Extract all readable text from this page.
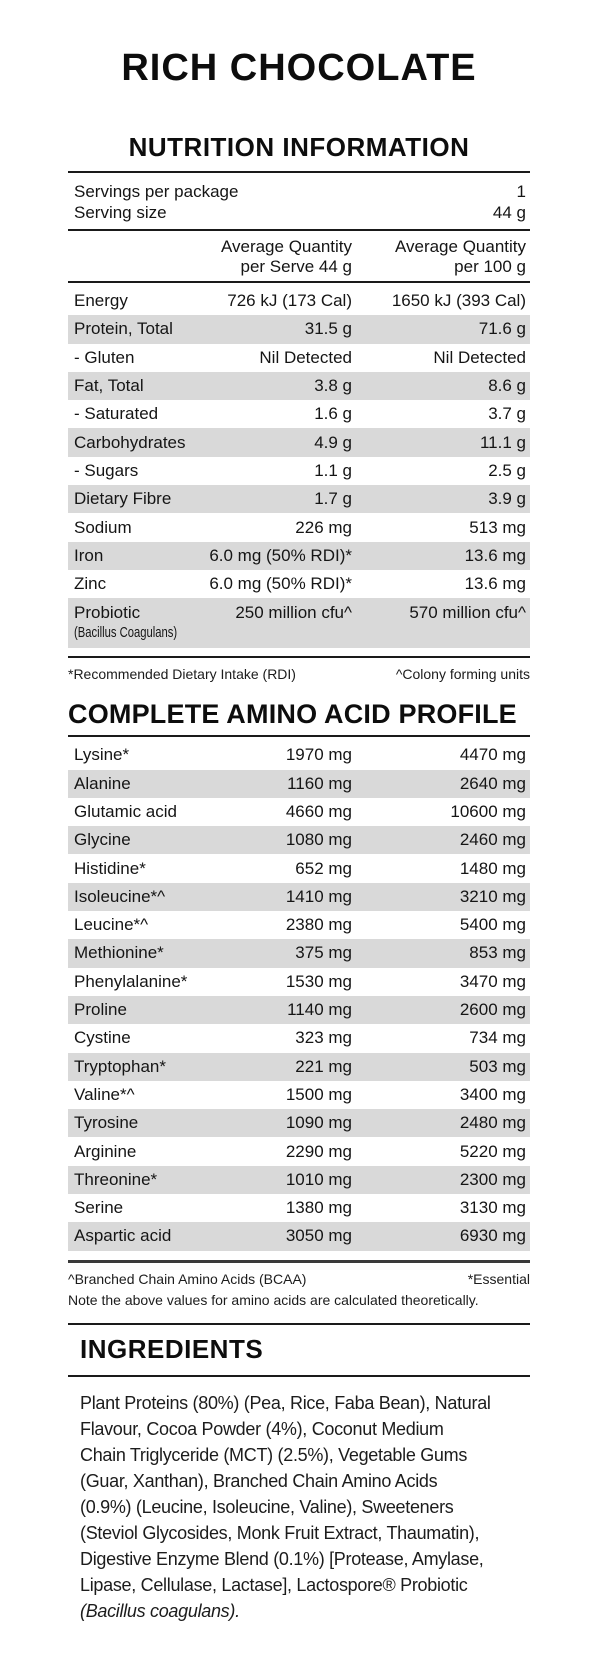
RICH CHOCOLATE
NUTRITION INFORMATION
Servings per package	1
Serving size	44 g
Average Quantity
per Serve 44 g
Average Quantity
per 100 g
Energy	726 kJ (173 Cal)	1650 kJ (393 Cal)
Protein, Total	31.5 g	71.6 g
- Gluten	Nil Detected	Nil Detected
Fat, Total	3.8 g	8.6 g
- Saturated	1.6 g	3.7 g
Carbohydrates	4.9 g	11.1 g
- Sugars	1.1 g	2.5 g
Dietary Fibre	1.7 g	3.9 g
Sodium	226 mg	513 mg
Iron	6.0 mg (50% RDI)*	13.6 mg
Zinc	6.0 mg (50% RDI)*	13.6 mg
Probiotic
(Bacillus Coagulans)
250 million cfu^	570 million cfu^
*Recommended Dietary Intake (RDI)	^Colony forming units
COMPLETE AMINO ACID PROFILE
Lysine*	1970 mg	4470 mg
Alanine	1160 mg	2640 mg
Glutamic acid	4660 mg	10600 mg
Glycine	1080 mg	2460 mg
Histidine*	652 mg	1480 mg
Isoleucine*^	1410 mg	3210 mg
Leucine*^	2380 mg	5400 mg
Methionine*	375 mg	853 mg
Phenylalanine*	1530 mg	3470 mg
Proline	1140 mg	2600 mg
Cystine	323 mg	734 mg
Tryptophan*	221 mg	503 mg
Valine*^	1500 mg	3400 mg
Tyrosine	1090 mg	2480 mg
Arginine	2290 mg	5220 mg
Threonine*	1010 mg	2300 mg
Serine	1380 mg	3130 mg
Aspartic acid	3050 mg	6930 mg
^Branched Chain Amino Acids (BCAA)	*Essential
Note the above values for amino acids are calculated theoretically.
INGREDIENTS
Plant Proteins (80%) (Pea, Rice, Faba Bean), Natural
Flavour, Cocoa Powder (4%), Coconut Medium
Chain Triglyceride (MCT) (2.5%), Vegetable Gums
(Guar, Xanthan), Branched Chain Amino Acids
(0.9%) (Leucine, Isoleucine, Valine), Sweeteners
(Steviol Glycosides, Monk Fruit Extract, Thaumatin),
Digestive Enzyme Blend (0.1%) [Protease, Amylase,
Lipase, Cellulase, Lactase], Lactospore® Probiotic
(Bacillus coagulans).
